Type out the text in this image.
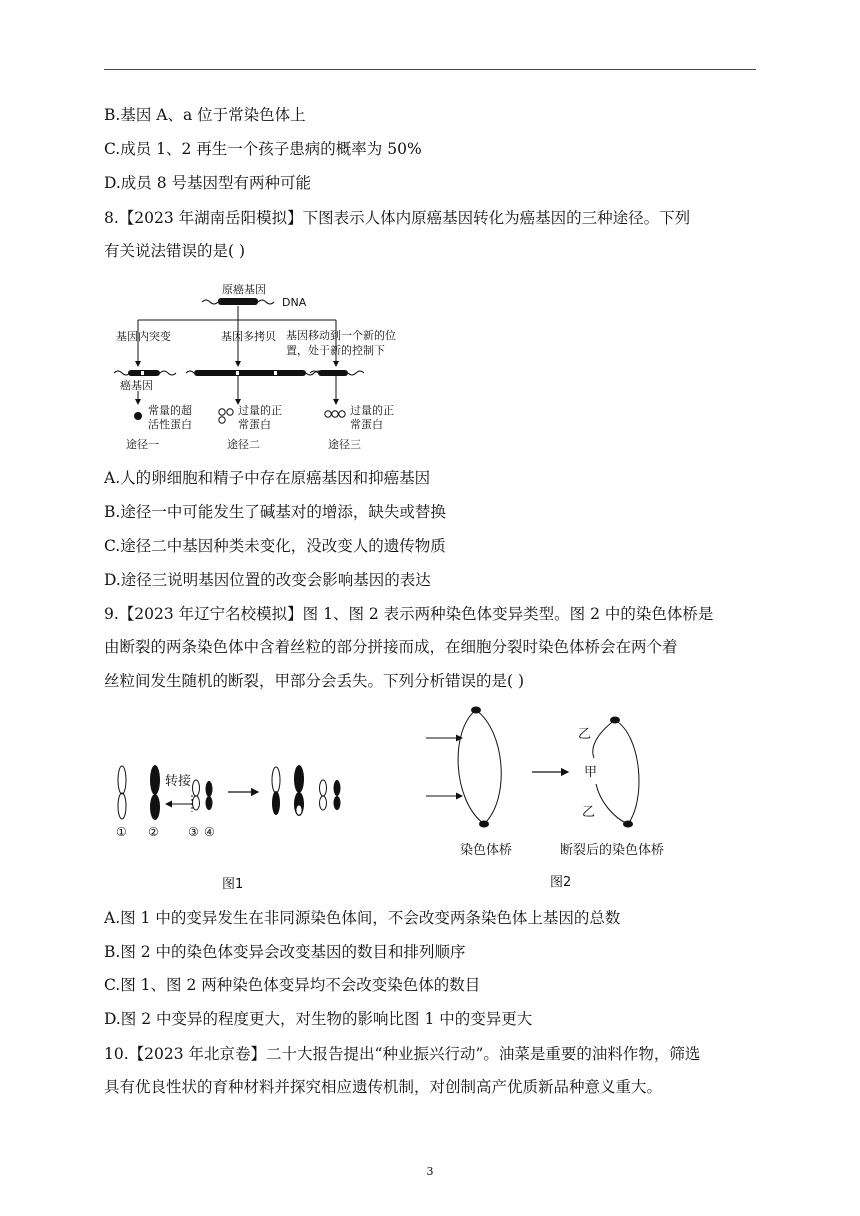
B.基因 A、a 位于常染色体上
C.成员 1、2 再生一个孩子患病的概率为 50%
D.成员 8 号基因型有两种可能
8.【2023 年湖南岳阳模拟】下图表示人体内原癌基因转化为癌基因的三种途径。下列
有关说法错误的是( )
原癌基因
DNA
基因内突变	基因多拷贝 基因移动到一个新的位
置，处于新的控制下
癌基因
常量的超
活性蛋白
过量的正
常蛋白
过量的正
常蛋白
途径一	途径二	途径三
A.人的卵细胞和精子中存在原癌基因和抑癌基因
B.途径一中可能发生了碱基对的增添，缺失或替换
C.途径二中基因种类未变化，没改变人的遗传物质
D.途径三说明基因位置的改变会影响基因的表达
9.【2023 年辽宁名校模拟】图 1、图 2 表示两种染色体变异类型。图 2 中的染色体桥是
由断裂的两条染色体中含着丝粒的部分拼接而成，在细胞分裂时染色体桥会在两个着
丝粒间发生随机的断裂，甲部分会丢失。下列分析错误的是( )
转接
① ② ③ ④
图1
染色体桥
乙
甲
乙
断裂后的染色体桥
图2
A.图 1 中的变异发生在非同源染色体间，不会改变两条染色体上基因的总数
B.图 2 中的染色体变异会改变基因的数目和排列顺序
C.图 1、图 2 两种染色体变异均不会改变染色体的数目
D.图 2 中变异的程度更大，对生物的影响比图 1 中的变异更大
10.【2023 年北京卷】二十大报告提出“种业振兴行动”。油菜是重要的油料作物，筛选
具有优良性状的育种材料并探究相应遗传机制，对创制高产优质新品种意义重大。
3
